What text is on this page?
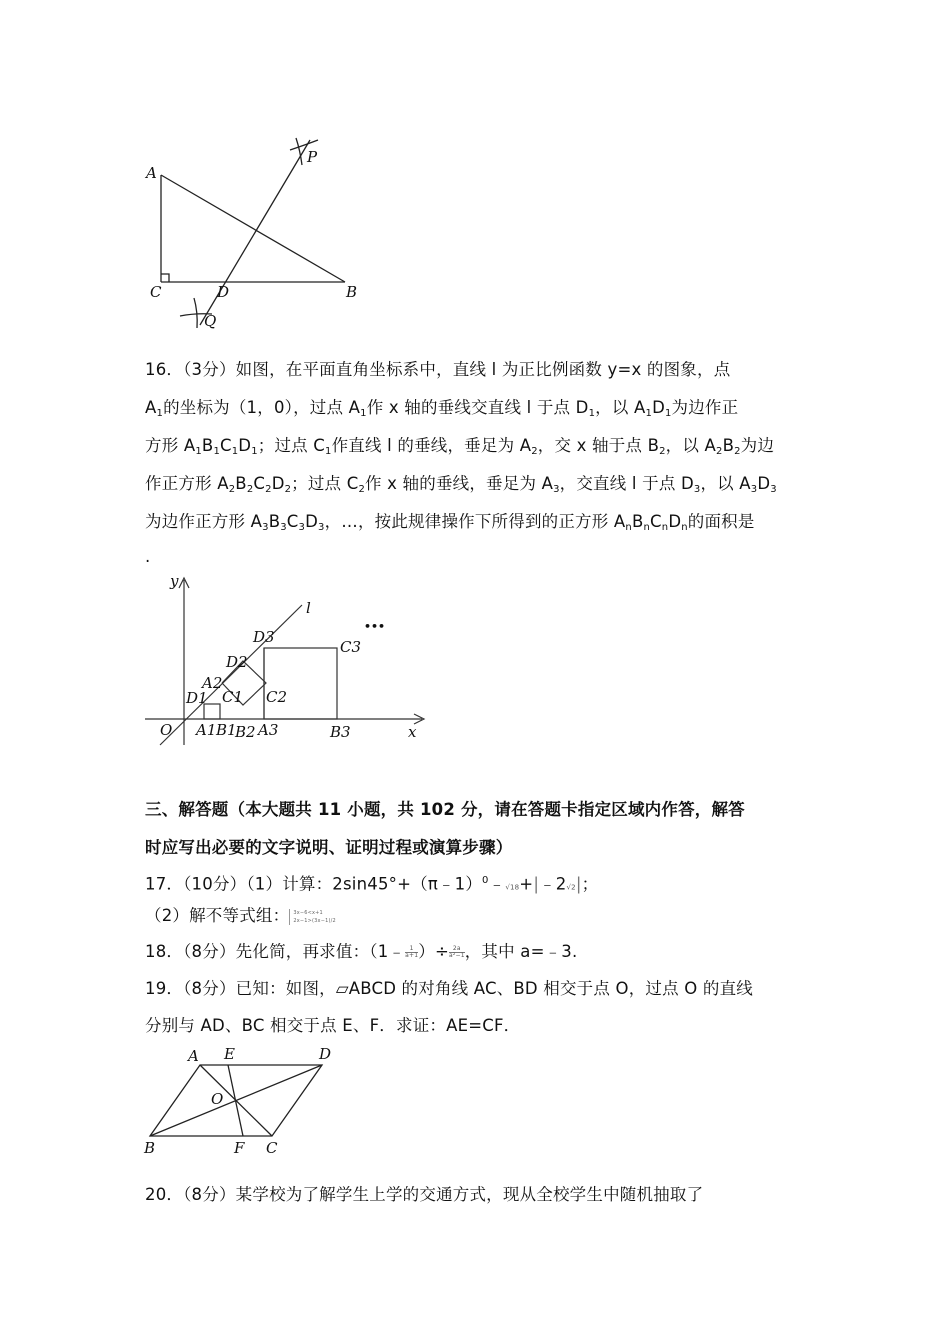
A
P
C	D	B
Q
16．（3分）如图，在平面直角坐标系中，直线 l 为正比例函数 y=x 的图象，点
$A_1$的坐标为（1，0），过点 $A_1$作 x 轴的垂线交直线 l 于点 $D_1$，以 $A_1D_1$为边作正
方形 $A_1B_1C_1D_1$；过点 $C_1$作直线 l 的垂线，垂足为 $A_2$，交 x 轴于点 $B_2$，以 $A_2B_2$为边
作正方形 $A_2B_2C_2D_2$；过点 $C_2$作 x 轴的垂线，垂足为 $A_3$，交直线 l 于点 $D_3$，以 $A_3D_3$
为边作正方形 $A_3B_3C_3D_3$，…，按此规律操作下所得到的正方形 $A_nB_nC_nD_n$的面积是
.
y
l
•••
D3
C3
D2
A2
D1 C1 C2
O A1 B1
B2 A3	B3	x
三、解答题（本大题共 11 小题，共 102 分，请在答题卡指定区域内作答，解答
时应写出必要的文字说明、证明过程或演算步骤）
17．（10分）（1）计算：2sin45°+（π﹣1）$^0$﹣√18+|﹣2√2|；
（2）解不等式组： 3x−6<x+1
2x−1>(3x−1)/2
18．（8分）先化简，再求值：（1﹣ $\frac{1}{a+1}$ ）÷ $\frac{2a}{\text{a²−1}}$ ，其中 a=﹣3.
19．（8分）已知：如图，▱ABCD 的对角线 AC、BD 相交于点 O，过点 O 的直线
分别与 AD、BC 相交于点 E、F．求证：AE=CF．
A E	D
O
B	F C
20．（8分）某学校为了解学生上学的交通方式，现从全校学生中随机抽取了
